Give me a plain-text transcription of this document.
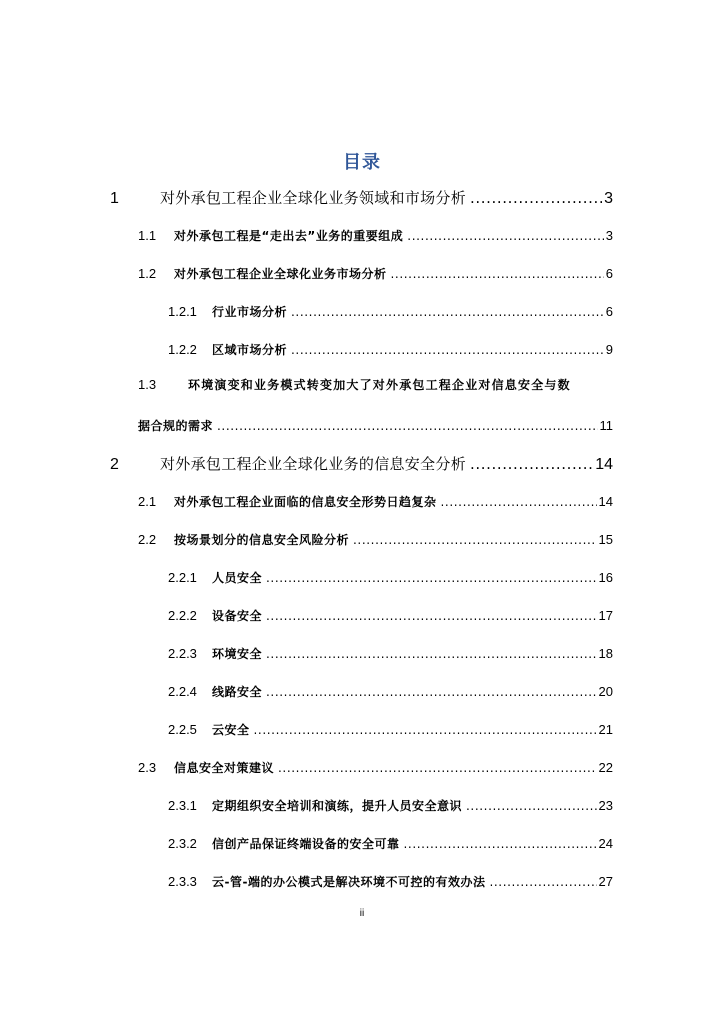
目录
1	对外承包工程企业全球化业务领域和市场分析 .....	3
1.1	对外承包工程是“走出去”业务的重要组成 .....	3
1.2	对外承包工程企业全球化业务市场分析 .....	6
1.2.1	行业市场分析 .....	6
1.2.2	区域市场分析 .....	9
1.3	环境演变和业务模式转变加大了对外承包工程企业对信息安全与数
据合规的需求 .....	11
2	对外承包工程企业全球化业务的信息安全分析 .....	14
2.1	对外承包工程企业面临的信息安全形势日趋复杂 .....	14
2.2	按场景划分的信息安全风险分析 .....	15
2.2.1	人员安全 .....	16
2.2.2	设备安全 .....	17
2.2.3	环境安全 .....	18
2.2.4	线路安全 .....	20
2.2.5	云安全 .....	21
2.3	信息安全对策建议 .....	22
2.3.1	定期组织安全培训和演练，提升人员安全意识 .....	23
2.3.2	信创产品保证终端设备的安全可靠 .....	24
2.3.3	云-管-端的办公模式是解决环境不可控的有效办法 .....	27
ii
